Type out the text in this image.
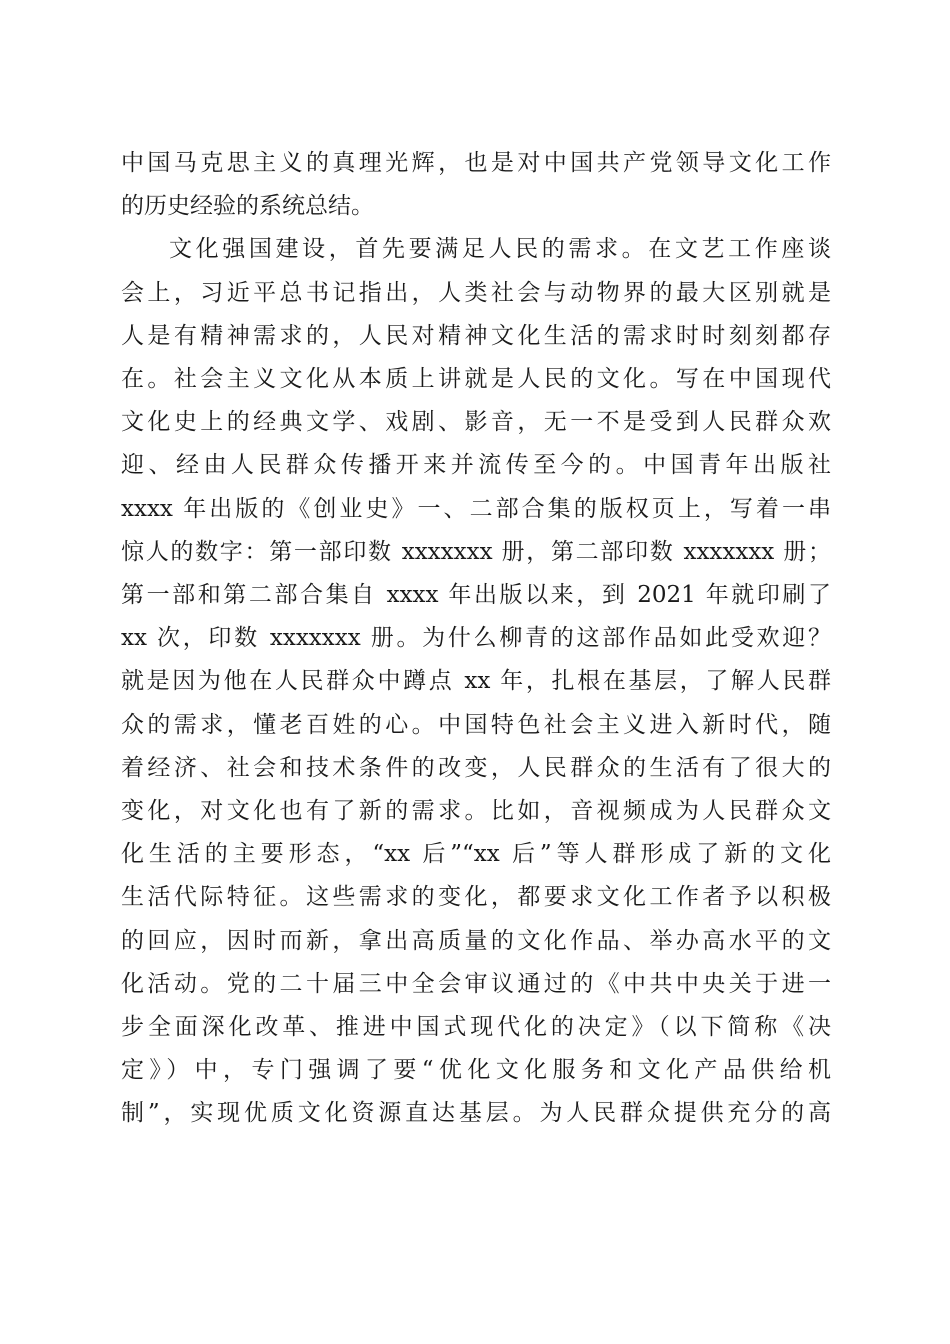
中国马克思主义的真理光辉，也是对中国共产党领导文化工作
的历史经验的系统总结。

文化强国建设，首先要满足人民的需求。在文艺工作座谈
会上，习近平总书记指出，人类社会与动物界的最大区别就是
人是有精神需求的，人民对精神文化生活的需求时时刻刻都存
在。社会主义文化从本质上讲就是人民的文化。写在中国现代
文化史上的经典文学、戏剧、影音，无一不是受到人民群众欢
迎、经由人民群众传播开来并流传至今的。中国青年出版社
xxxx 年出版的《创业史》一、二部合集的版权页上，写着一串
惊人的数字：第一部印数 xxxxxxx 册，第二部印数 xxxxxxx 册；
第一部和第二部合集自 xxxx 年出版以来，到 2021 年就印刷了
xx 次，印数 xxxxxxx 册。为什么柳青的这部作品如此受欢迎？
就是因为他在人民群众中蹲点 xx 年，扎根在基层，了解人民群
众的需求，懂老百姓的心。中国特色社会主义进入新时代，随
着经济、社会和技术条件的改变，人民群众的生活有了很大的
变化，对文化也有了新的需求。比如，音视频成为人民群众文
化生活的主要形态，“xx 后”“xx 后”等人群形成了新的文化
生活代际特征。这些需求的变化，都要求文化工作者予以积极
的回应，因时而新，拿出高质量的文化作品、举办高水平的文
化活动。党的二十届三中全会审议通过的《中共中央关于进一
步全面深化改革、推进中国式现代化的决定》（以下简称《决
定》）中，专门强调了要“优化文化服务和文化产品供给机
制”，实现优质文化资源直达基层。为人民群众提供充分的高
